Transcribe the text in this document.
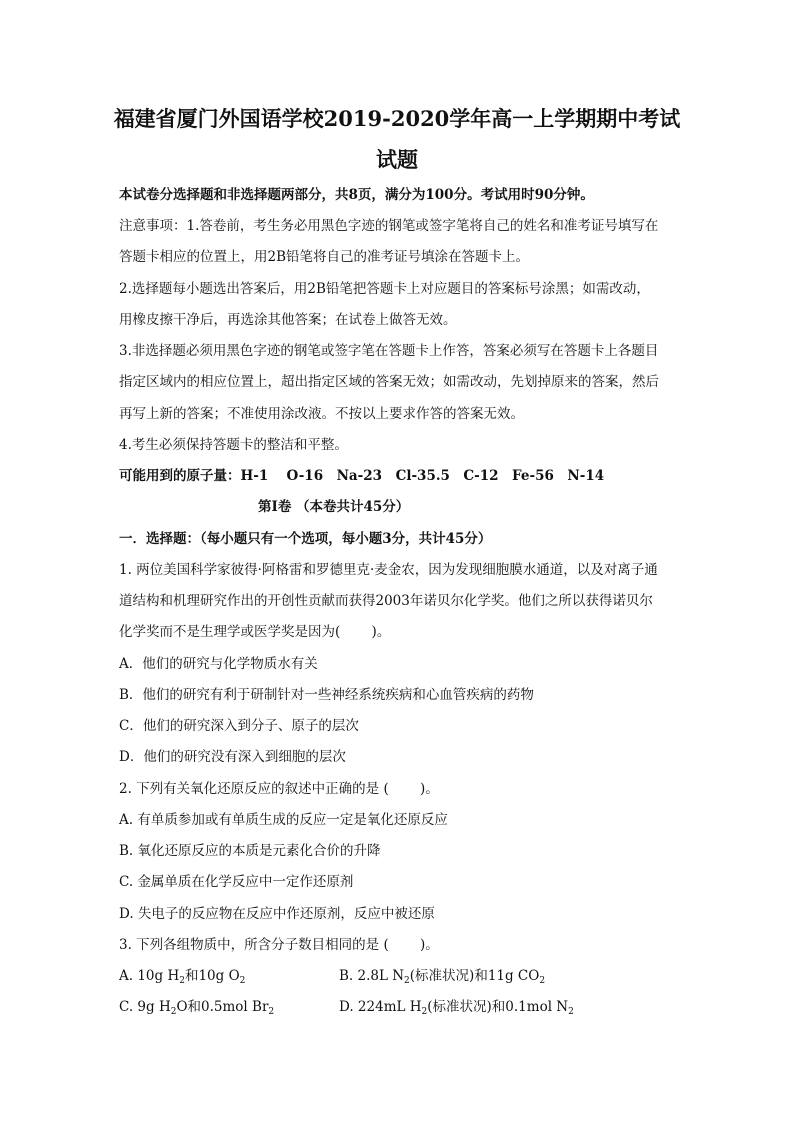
福建省厦门外国语学校2019-2020学年高一上学期期中考试
试题
本试卷分选择题和非选择题两部分，共8页，满分为100分。考试用时90分钟。
注意事项：1.答卷前，考生务必用黑色字迹的钢笔或签字笔将自己的姓名和准考证号填写在
答题卡相应的位置上，用2B铅笔将自己的准考证号填涂在答题卡上。
2.选择题每小题选出答案后，用2B铅笔把答题卡上对应题目的答案标号涂黑；如需改动，
用橡皮擦干净后，再选涂其他答案；在试卷上做答无效。
3.非选择题必须用黑色字迹的钢笔或签字笔在答题卡上作答，答案必须写在答题卡上各题目
指定区域内的相应位置上，超出指定区域的答案无效；如需改动，先划掉原来的答案，然后
再写上新的答案；不准使用涂改液。不按以上要求作答的答案无效。
4.考生必须保持答题卡的整洁和平整。
可能用到的原子量：H-1　 O-16　Na-23　Cl-35.5　C-12　Fe-56　N-14
第Ⅰ卷 （本卷共计45分）
一．选择题：（每小题只有一个选项，每小题3分，共计45分）
1. 两位美国科学家彼得·阿格雷和罗德里克·麦金农，因为发现细胞膜水通道，以及对离子通
道结构和机理研究作出的开创性贡献而获得2003年诺贝尔化学奖。他们之所以获得诺贝尔
化学奖而不是生理学或医学奖是因为(　　 )。
A．他们的研究与化学物质水有关
B．他们的研究有利于研制针对一些神经系统疾病和心血管疾病的药物
C．他们的研究深入到分子、原子的层次
D．他们的研究没有深入到细胞的层次
2. 下列有关氧化还原反应的叙述中正确的是 (　　 )。
A. 有单质参加或有单质生成的反应一定是氧化还原反应
B. 氧化还原反应的本质是元素化合价的升降
C. 金属单质在化学反应中一定作还原剂
D. 失电子的反应物在反应中作还原剂，反应中被还原
3. 下列各组物质中，所含分子数目相同的是 (　　 )。
A. 10g $H_2$和10g $O_2$	B. 2.8L $N_2$(标准状况)和11g $CO_2$
C. 9g $H_2O$和0.5mol $Br_2$	D. 224mL $H_2$(标准状况)和0.1mol $N_2$
